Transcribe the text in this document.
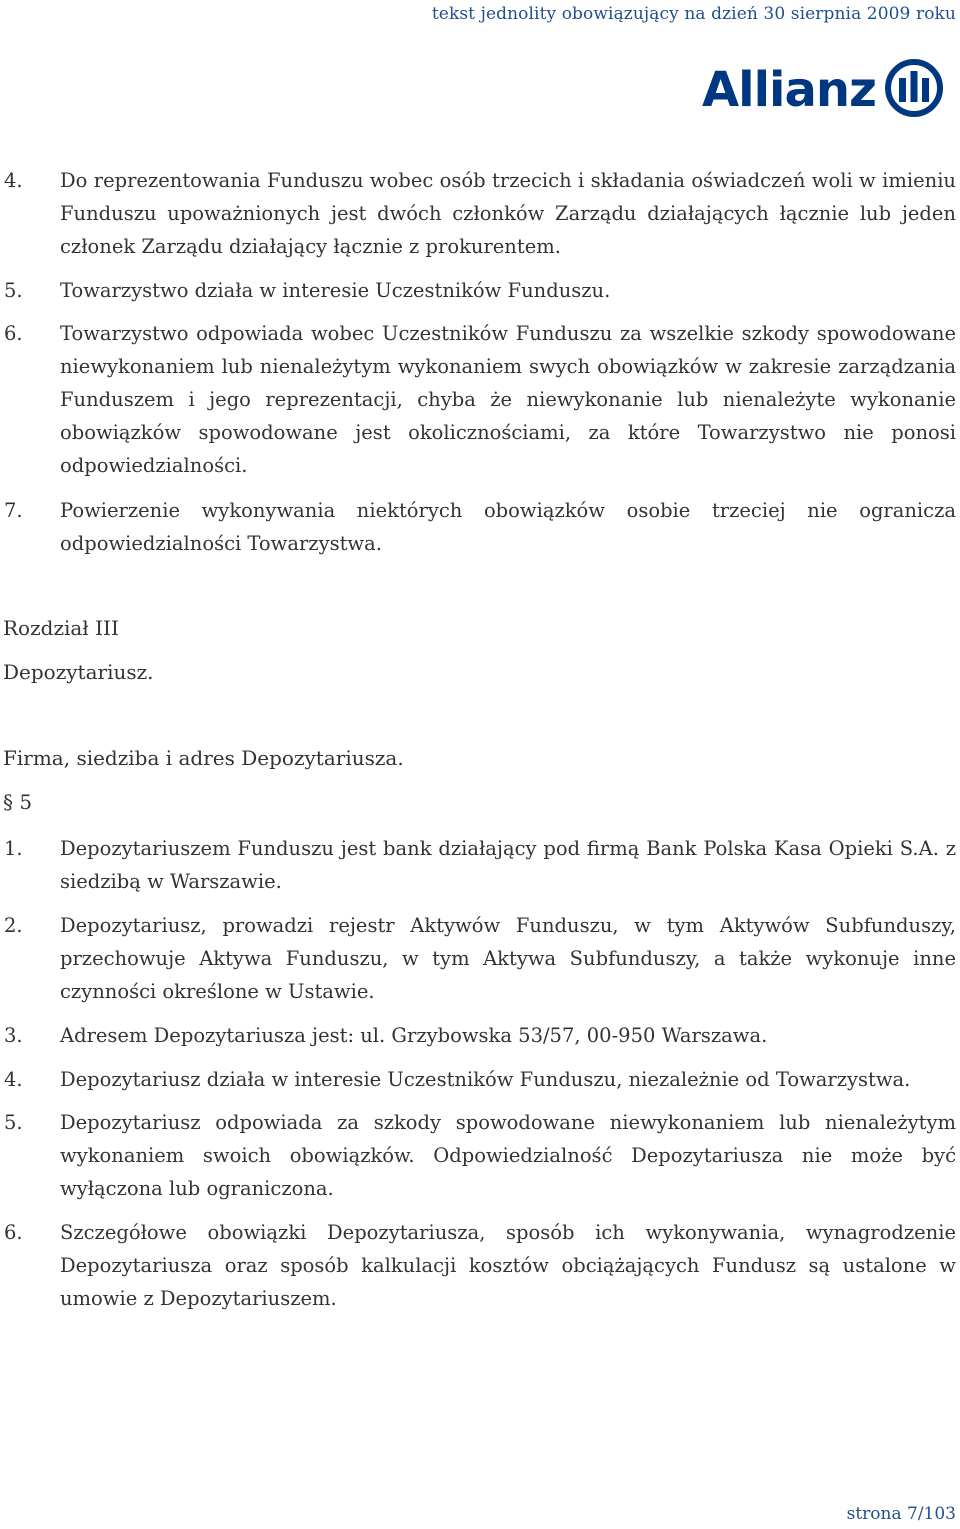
tekst jednolity obowiązujący na dzień 30 sierpnia 2009 roku
Allianz
4. Do reprezentowania Funduszu wobec osób trzecich i składania oświadczeń woli w imieniu Funduszu upoważnionych jest dwóch członków Zarządu działających łącznie lub jeden członek Zarządu działający łącznie z prokurentem.
5. Towarzystwo działa w interesie Uczestników Funduszu.
6. Towarzystwo odpowiada wobec Uczestników Funduszu za wszelkie szkody spowodowane niewykonaniem lub nienależytym wykonaniem swych obowiązków w zakresie zarządzania Funduszem i jego reprezentacji, chyba że niewykonanie lub nienależyte wykonanie obowiązków spowodowane jest okolicznościami, za które Towarzystwo nie ponosi odpowiedzialności.
7. Powierzenie wykonywania niektórych obowiązków osobie trzeciej nie ogranicza odpowiedzialności Towarzystwa.
Rozdział III
Depozytariusz.
Firma, siedziba i adres Depozytariusza.
§ 5
1. Depozytariuszem Funduszu jest bank działający pod firmą Bank Polska Kasa Opieki S.A. z siedzibą w Warszawie.
2. Depozytariusz, prowadzi rejestr Aktywów Funduszu, w tym Aktywów Subfunduszy, przechowuje Aktywa Funduszu, w tym Aktywa Subfunduszy, a także wykonuje inne czynności określone w Ustawie.
3. Adresem Depozytariusza jest: ul. Grzybowska 53/57, 00-950 Warszawa.
4. Depozytariusz działa w interesie Uczestników Funduszu, niezależnie od Towarzystwa.
5. Depozytariusz odpowiada za szkody spowodowane niewykonaniem lub nienależytym wykonaniem swoich obowiązków. Odpowiedzialność Depozytariusza nie może być wyłączona lub ograniczona.
6. Szczegółowe obowiązki Depozytariusza, sposób ich wykonywania, wynagrodzenie Depozytariusza oraz sposób kalkulacji kosztów obciążających Fundusz są ustalone w umowie z Depozytariuszem.
strona 7/103
